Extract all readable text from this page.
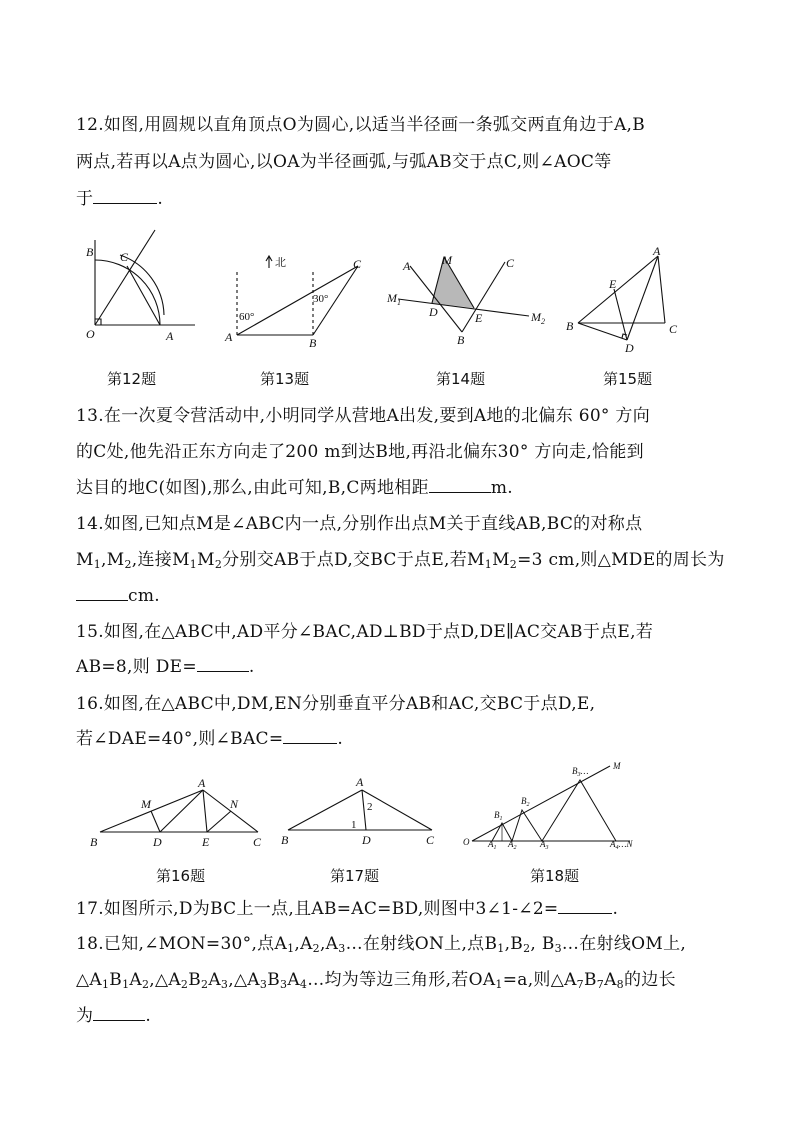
12.如图,用圆规以直角顶点O为圆心,以适当半径画一条弧交两直角边于A,B
两点,若再以A点为圆心,以OA为半径画弧,与弧AB交于点C,则∠AOC等
于	.
B C
O	A
第12题
北
60°
30°
A	B
C
第13题
A	M	C
$M_1$
$M_2$
D	E
B
第14题
A
E
B	C
D
第15题
13.在一次夏令营活动中,小明同学从营地A出发,要到A地的北偏东 60° 方向
的C处,他先沿正东方向走了200 m到达B地,再沿北偏东30° 方向走,恰能到
达目的地C(如图),那么,由此可知,B,C两地相距	m.
14.如图,已知点M是∠ABC内一点,分别作出点M关于直线AB,BC的对称点
$M_1,M_2$,连接$M_1M_2$分别交AB于点D,交BC于点E,若$M_1M_2=3$ cm,则△MDE的周长为
cm.
15.如图,在△ABC中,AD平分∠BAC,AD⊥BD于点D,DE∥AC交AB于点E,若
AB=8,则 DE=	.
16.如图,在△ABC中,DM,EN分别垂直平分AB和AC,交BC于点D,E,
若∠DAE=40°,则∠BAC=	.
A
M	N
B	D	E	C
第16题
A
1
2
B	D	C
第17题
O $A_1$ $A_2$	$A_3$	$A_4\dots N$
$B_1$
$B_2$
$B_3\dots$	M
第18题
17.如图所示,D为BC上一点,且AB=AC=BD,则图中3∠1-∠2=	.
18.已知,∠MON=30°,点$A_1,A_2,A_3\dots$在射线ON上,点$B_1,B_2$, $B_3\dots$在射线OM上,
$\triangle A_1B_1A_2,\triangle A_2B_2A_3,\triangle A_3B_3A_4\dots$均为等边三角形,若$OA_1=a$,则$\triangle A_7B_7A_8$的边长
为	.
